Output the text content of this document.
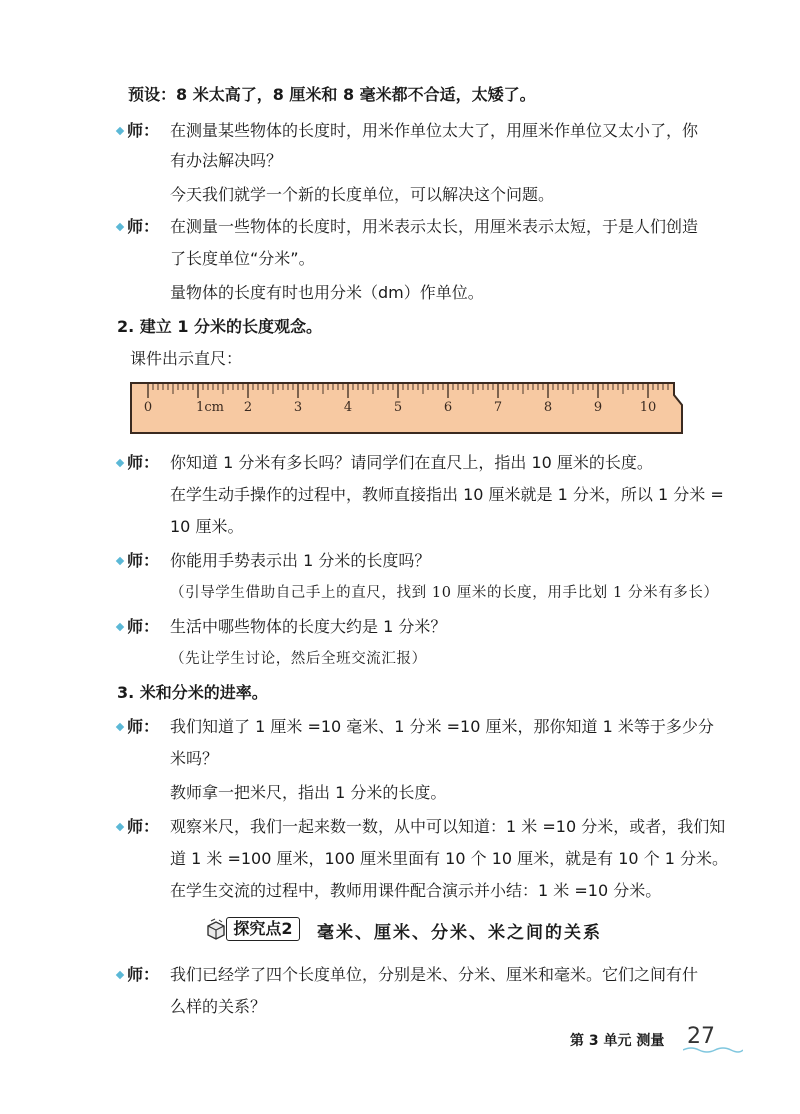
预设：8 米太高了，8 厘米和 8 毫米都不合适，太矮了。
师： 在测量某些物体的长度时，用米作单位太大了，用厘米作单位又太小了，你
有办法解决吗？
今天我们就学一个新的长度单位，可以解决这个问题。
师： 在测量一些物体的长度时，用米表示太长，用厘米表示太短，于是人们创造
了长度单位“分米”。
量物体的长度有时也用分米（dm）作单位。
2. 建立 1 分米的长度观念。
课件出示直尺：
0	1cm 2	3	4	5	6	7	8	9	10
师： 你知道 1 分米有多长吗？请同学们在直尺上，指出 10 厘米的长度。
在学生动手操作的过程中，教师直接指出 10 厘米就是 1 分米，所以 1 分米 =
10 厘米。
师： 你能用手势表示出 1 分米的长度吗？
（引导学生借助自己手上的直尺，找到 10 厘米的长度，用手比划 1 分米有多长）
师： 生活中哪些物体的长度大约是 1 分米？
（先让学生讨论，然后全班交流汇报）
3. 米和分米的进率。
师： 我们知道了 1 厘米 =10 毫米、1 分米 =10 厘米，那你知道 1 米等于多少分
米吗？
教师拿一把米尺，指出 1 分米的长度。
师： 观察米尺，我们一起来数一数，从中可以知道：1 米 =10 分米，或者，我们知
道 1 米 =100 厘米，100 厘米里面有 10 个 10 厘米，就是有 10 个 1 分米。
在学生交流的过程中，教师用课件配合演示并小结：1 米 =10 分米。
探究点2	毫米、厘米、分米、米之间的关系
师： 我们已经学了四个长度单位，分别是米、分米、厘米和毫米。它们之间有什
么样的关系？
第 3 单元 测量 27
